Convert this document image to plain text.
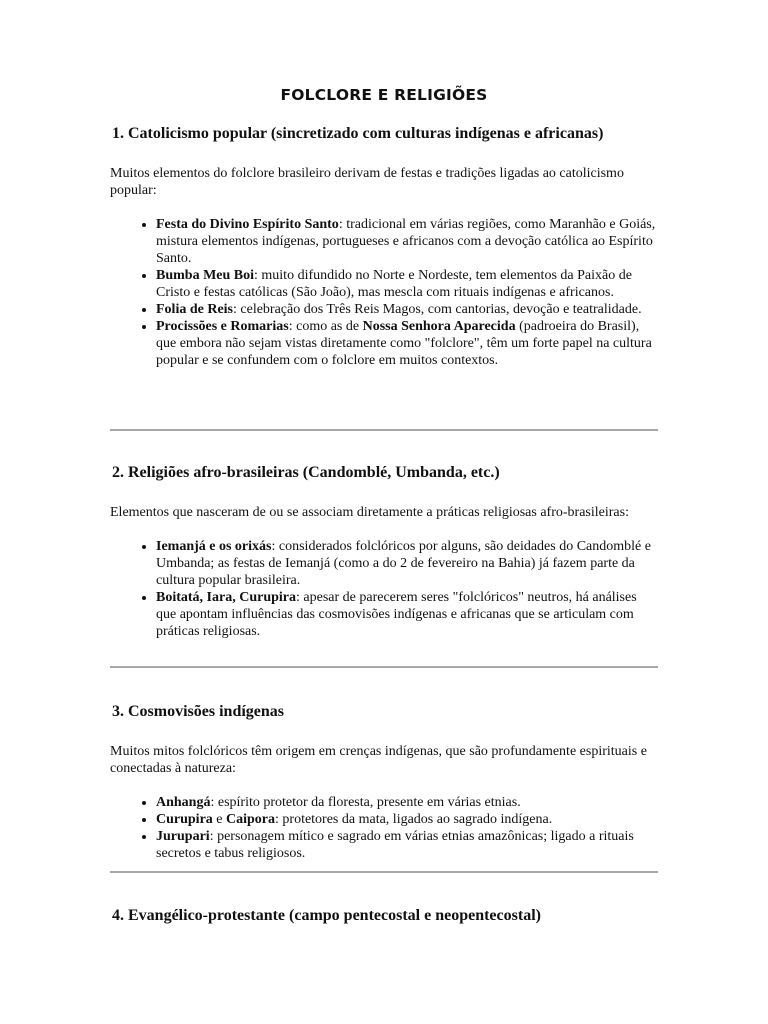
FOLCLORE E RELIGIÕES
1. Catolicismo popular (sincretizado com culturas indígenas e africanas)

Muitos elementos do folclore brasileiro derivam de festas e tradições ligadas ao catolicismo popular:

• Festa do Divino Espírito Santo: tradicional em várias regiões, como Maranhão e Goiás, mistura elementos indígenas, portugueses e africanos com a devoção católica ao Espírito Santo.
• Bumba Meu Boi: muito difundido no Norte e Nordeste, tem elementos da Paixão de Cristo e festas católicas (São João), mas mescla com rituais indígenas e africanos.
• Folia de Reis: celebração dos Três Reis Magos, com cantorias, devoção e teatralidade.
• Procissões e Romarias: como as de Nossa Senhora Aparecida (padroeira do Brasil), que embora não sejam vistas diretamente como "folclore", têm um forte papel na cultura popular e se confundem com o folclore em muitos contextos.
2. Religiões afro-brasileiras (Candomblé, Umbanda, etc.)

Elementos que nasceram de ou se associam diretamente a práticas religiosas afro-brasileiras:

• Iemanjá e os orixás: considerados folclóricos por alguns, são deidades do Candomblé e Umbanda; as festas de Iemanjá (como a do 2 de fevereiro na Bahia) já fazem parte da cultura popular brasileira.
• Boitatá, Iara, Curupira: apesar de parecerem seres "folclóricos" neutros, há análises que apontam influências das cosmovisões indígenas e africanas que se articulam com práticas religiosas.
3. Cosmovisões indígenas

Muitos mitos folclóricos têm origem em crenças indígenas, que são profundamente espirituais e conectadas à natureza:

• Anhangá: espírito protetor da floresta, presente em várias etnias.
• Curupira e Caipora: protetores da mata, ligados ao sagrado indígena.
• Jurupari: personagem mítico e sagrado em várias etnias amazônicas; ligado a rituais secretos e tabus religiosos.
4. Evangélico-protestante (campo pentecostal e neopentecostal)
